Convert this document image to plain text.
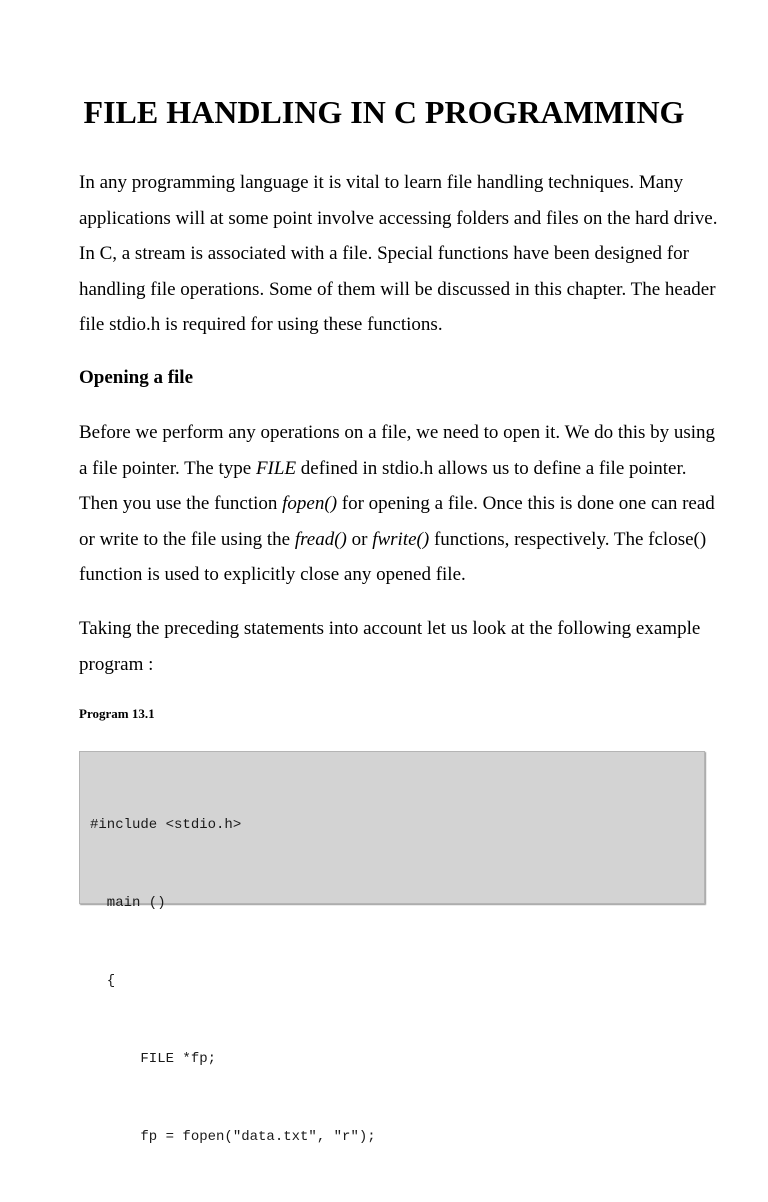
FILE HANDLING IN C PROGRAMMING

In any programming language it is vital to learn file handling techniques. Many applications will at some point involve accessing folders and files on the hard drive. In C, a stream is associated with a file. Special functions have been designed for handling file operations. Some of them will be discussed in this chapter. The header file stdio.h is required for using these functions.

Opening a file

Before we perform any operations on a file, we need to open it. We do this by using a file pointer. The type FILE defined in stdio.h allows us to define a file pointer. Then you use the function fopen() for opening a file. Once this is done one can read or write to the file using the fread() or fwrite() functions, respectively. The fclose() function is used to explicitly close any opened file.

Taking the preceding statements into account let us look at the following example program :

Program 13.1

#include <stdio.h>

main ()

{

FILE *fp;

fp = fopen("data.txt", "r");
